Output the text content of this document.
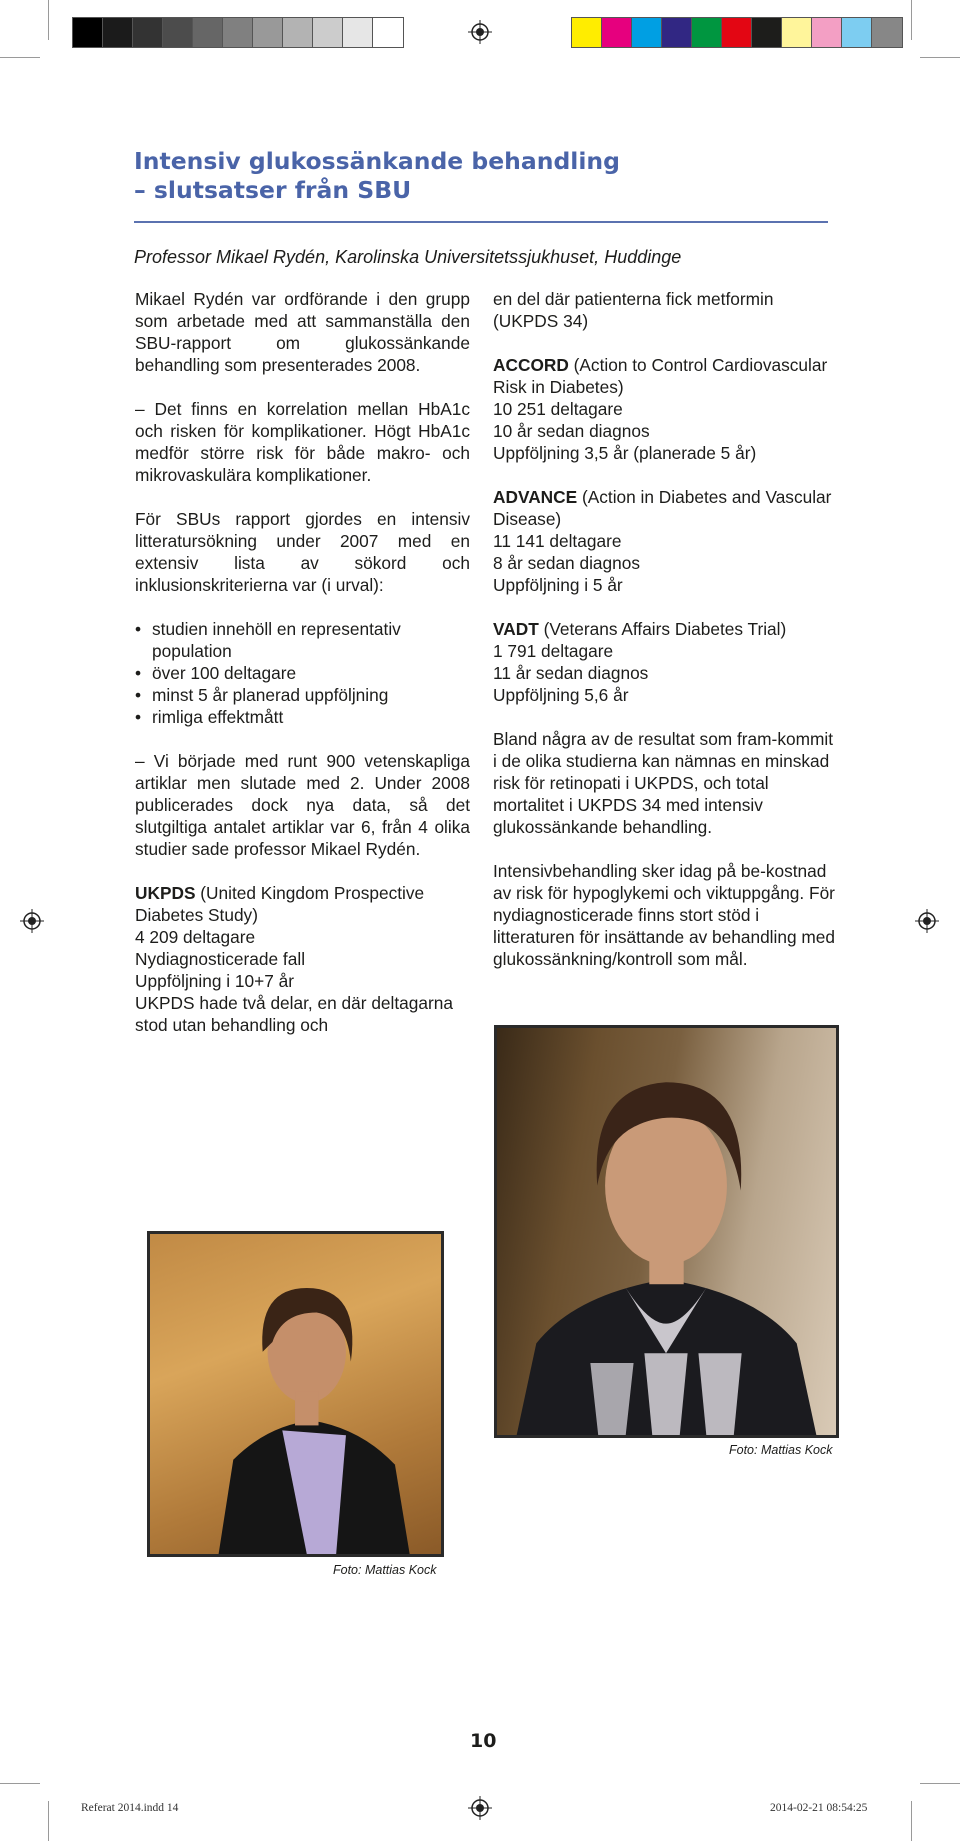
Intensiv glukossänkande behandling
– slutsatser från SBU
Professor Mikael Rydén, Karolinska Universitetssjukhuset, Huddinge

Mikael Rydén var ordförande i den grupp som arbetade med att sammanställa den SBU-rapport om glukossänkande behandling som presenterades 2008.

– Det finns en korrelation mellan HbA1c och risken för komplikationer. Högt HbA1c medför större risk för både makro- och mikrovaskulära komplikationer.

För SBUs rapport gjordes en intensiv litteratursökning under 2007 med en extensiv lista av sökord och inklusionskriterierna var (i urval):

• studien innehöll en representativ population
• över 100 deltagare
• minst 5 år planerad uppföljning
• rimliga effektmått

– Vi började med runt 900 vetenskapliga artiklar men slutade med 2. Under 2008 publicerades dock nya data, så det slutgiltiga antalet artiklar var 6, från 4 olika studier sade professor Mikael Rydén.

UKPDS (United Kingdom Prospective Diabetes Study)
4 209 deltagare
Nydiagnosticerade fall
Uppföljning i 10+7 år
UKPDS hade två delar, en där deltagarna stod utan behandling och

en del där patienterna fick metformin (UKPDS 34)

ACCORD (Action to Control Cardiovascular Risk in Diabetes)
10 251 deltagare
10 år sedan diagnos
Uppföljning 3,5 år (planerade 5 år)

ADVANCE (Action in Diabetes and Vascular Disease)
11 141 deltagare
8 år sedan diagnos
Uppföljning i 5 år

VADT (Veterans Affairs Diabetes Trial)
1 791 deltagare
11 år sedan diagnos
Uppföljning 5,6 år

Bland några av de resultat som fram-kommit i de olika studierna kan nämnas en minskad risk för retinopati i UKPDS, och total mortalitet i UKPDS 34 med intensiv glukossänkande behandling.

Intensivbehandling sker idag på be-kostnad av risk för hypoglykemi och viktuppgång. För nydiagnosticerade finns stort stöd i litteraturen för insättande av behandling med glukossänkning/kontroll som mål.

Foto: Mattias Kock
Foto: Mattias Kock
10
Referat 2014.indd 14	2014-02-21 08:54:25
